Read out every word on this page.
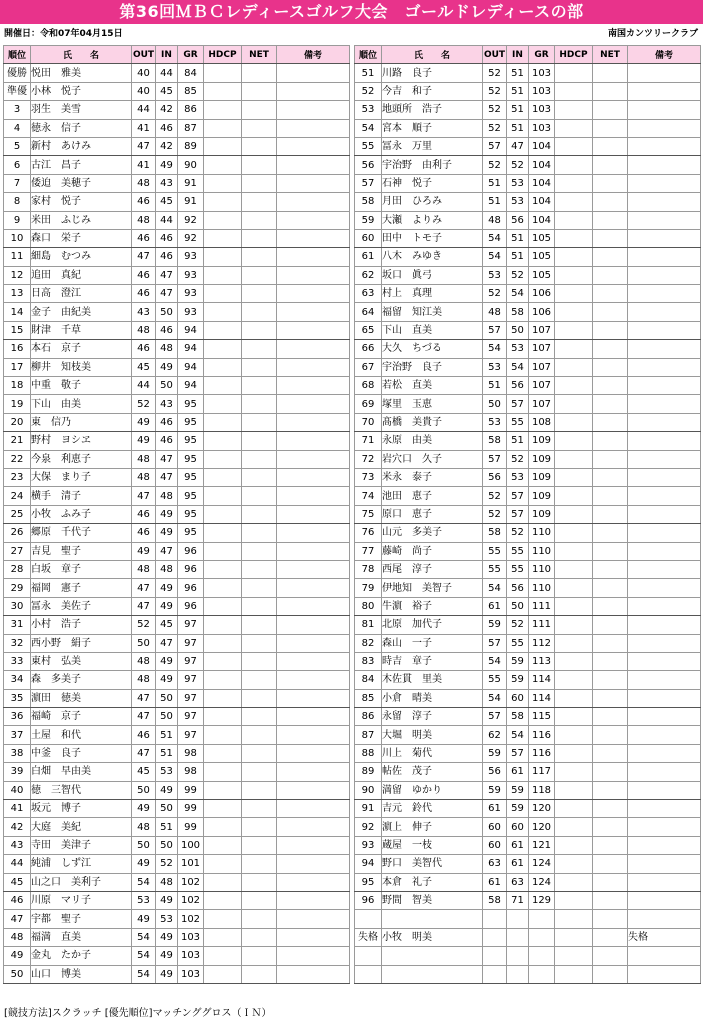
第36回ＭＢＣレディースゴルフ大会　ゴールドレディースの部
開催日：令和07年04月15日	南国カンツリークラブ
順位	氏　　名	OUT	IN	GR	HDCP	NET	備考
優勝	悦田　雅美	40	44	84			
準優	小林　悦子	40	45	85			
3	羽生　美雪	44	42	86			
4	徳永　信子	41	46	87			
5	新村　あけみ	47	42	89			
6	古江　昌子	41	49	90			
7	倭迫　美穂子	48	43	91			
8	家村　悦子	46	45	91			
9	米田　ふじみ	48	44	92			
10	森口　栄子	46	46	92			
11	細島　むつみ	47	46	93			
12	追田　真紀	46	47	93			
13	日高　澄江	46	47	93			
14	金子　由紀美	43	50	93			
15	財津　千草	48	46	94			
16	本石　京子	46	48	94			
17	柳井　知枝美	45	49	94			
18	中重　敬子	44	50	94			
19	下山　由美	52	43	95			
20	東　信乃	49	46	95			
21	野村　ヨシヱ	49	46	95			
22	今泉　利恵子	48	47	95			
23	大保　まり子	48	47	95			
24	横手　清子	47	48	95			
25	小牧　ふみ子	46	49	95			
26	郷原　千代子	46	49	95			
27	吉見　聖子	49	47	96			
28	白坂　章子	48	48	96			
29	福岡　憲子	47	49	96			
30	冨永　美佐子	47	49	96			
31	小村　浩子	52	45	97			
32	西小野　絹子	50	47	97			
33	東村　弘美	48	49	97			
34	森　多美子	48	49	97			
35	濵田　徳美	47	50	97			
36	福崎　京子	47	50	97			
37	土屋　和代	46	51	97			
38	中釜　良子	47	51	98			
39	白畑　早由美	45	53	98			
40	徳　三智代	50	49	99			
41	坂元　博子	49	50	99			
42	大庭　美紀	48	51	99			
43	寺田　美津子	50	50	100			
44	純浦　しず江	49	52	101			
45	山之口　美利子	54	48	102			
46	川原　マリ子	53	49	102			
47	宇都　聖子	49	53	102			
48	福満　直美	54	49	103			
49	金丸　たか子	54	49	103			
50	山口　博美	54	49	103			
順位	氏　　名	OUT	IN	GR	HDCP	NET	備考
51	川路　良子	52	51	103			
52	今吉　和子	52	51	103			
53	地頭所　浩子	52	51	103			
54	宮本　順子	52	51	103			
55	冨永　万里	57	47	104			
56	宇治野　由利子	52	52	104			
57	石神　悦子	51	53	104			
58	月田　ひろみ	51	53	104			
59	大瀬　よりみ	48	56	104			
60	田中　トモ子	54	51	105			
61	八木　みゆき	54	51	105			
62	坂口　眞弓	53	52	105			
63	村上　真理	52	54	106			
64	福留　知江美	48	58	106			
65	下山　直美	57	50	107			
66	大久　ちづる	54	53	107			
67	宇治野　良子	53	54	107			
68	若松　直美	51	56	107			
69	塚里　玉恵	50	57	107			
70	髙橋　美貴子	53	55	108			
71	永原　由美	58	51	109			
72	岩穴口　久子	57	52	109			
73	米永　泰子	56	53	109			
74	池田　恵子	52	57	109			
75	原口　恵子	52	57	109			
76	山元　多美子	58	52	110			
77	藤崎　尚子	55	55	110			
78	西尾　淳子	55	55	110			
79	伊地知　美智子	54	56	110			
80	牛濵　裕子	61	50	111			
81	北原　加代子	59	52	111			
82	森山　一子	57	55	112			
83	時吉　章子	54	59	113			
84	木佐貫　里美	55	59	114			
85	小倉　晴美	54	60	114			
86	永留　淳子	57	58	115			
87	大堀　明美	62	54	116			
88	川上　菊代	59	57	116			
89	帖佐　茂子	56	61	117			
90	満留　ゆかり	59	59	118			
91	吉元　鈴代	61	59	120			
92	濵上　伸子	60	60	120			
93	蔵屋　一枝	60	61	121			
94	野口　美智代	63	61	124			
95	本倉　礼子	61	63	124			
96	野間　智美	58	71	129			

失格	小牧　明美						失格

[競技方法]スクラッチ [優先順位]マッチンググロス（ＩＮ）
